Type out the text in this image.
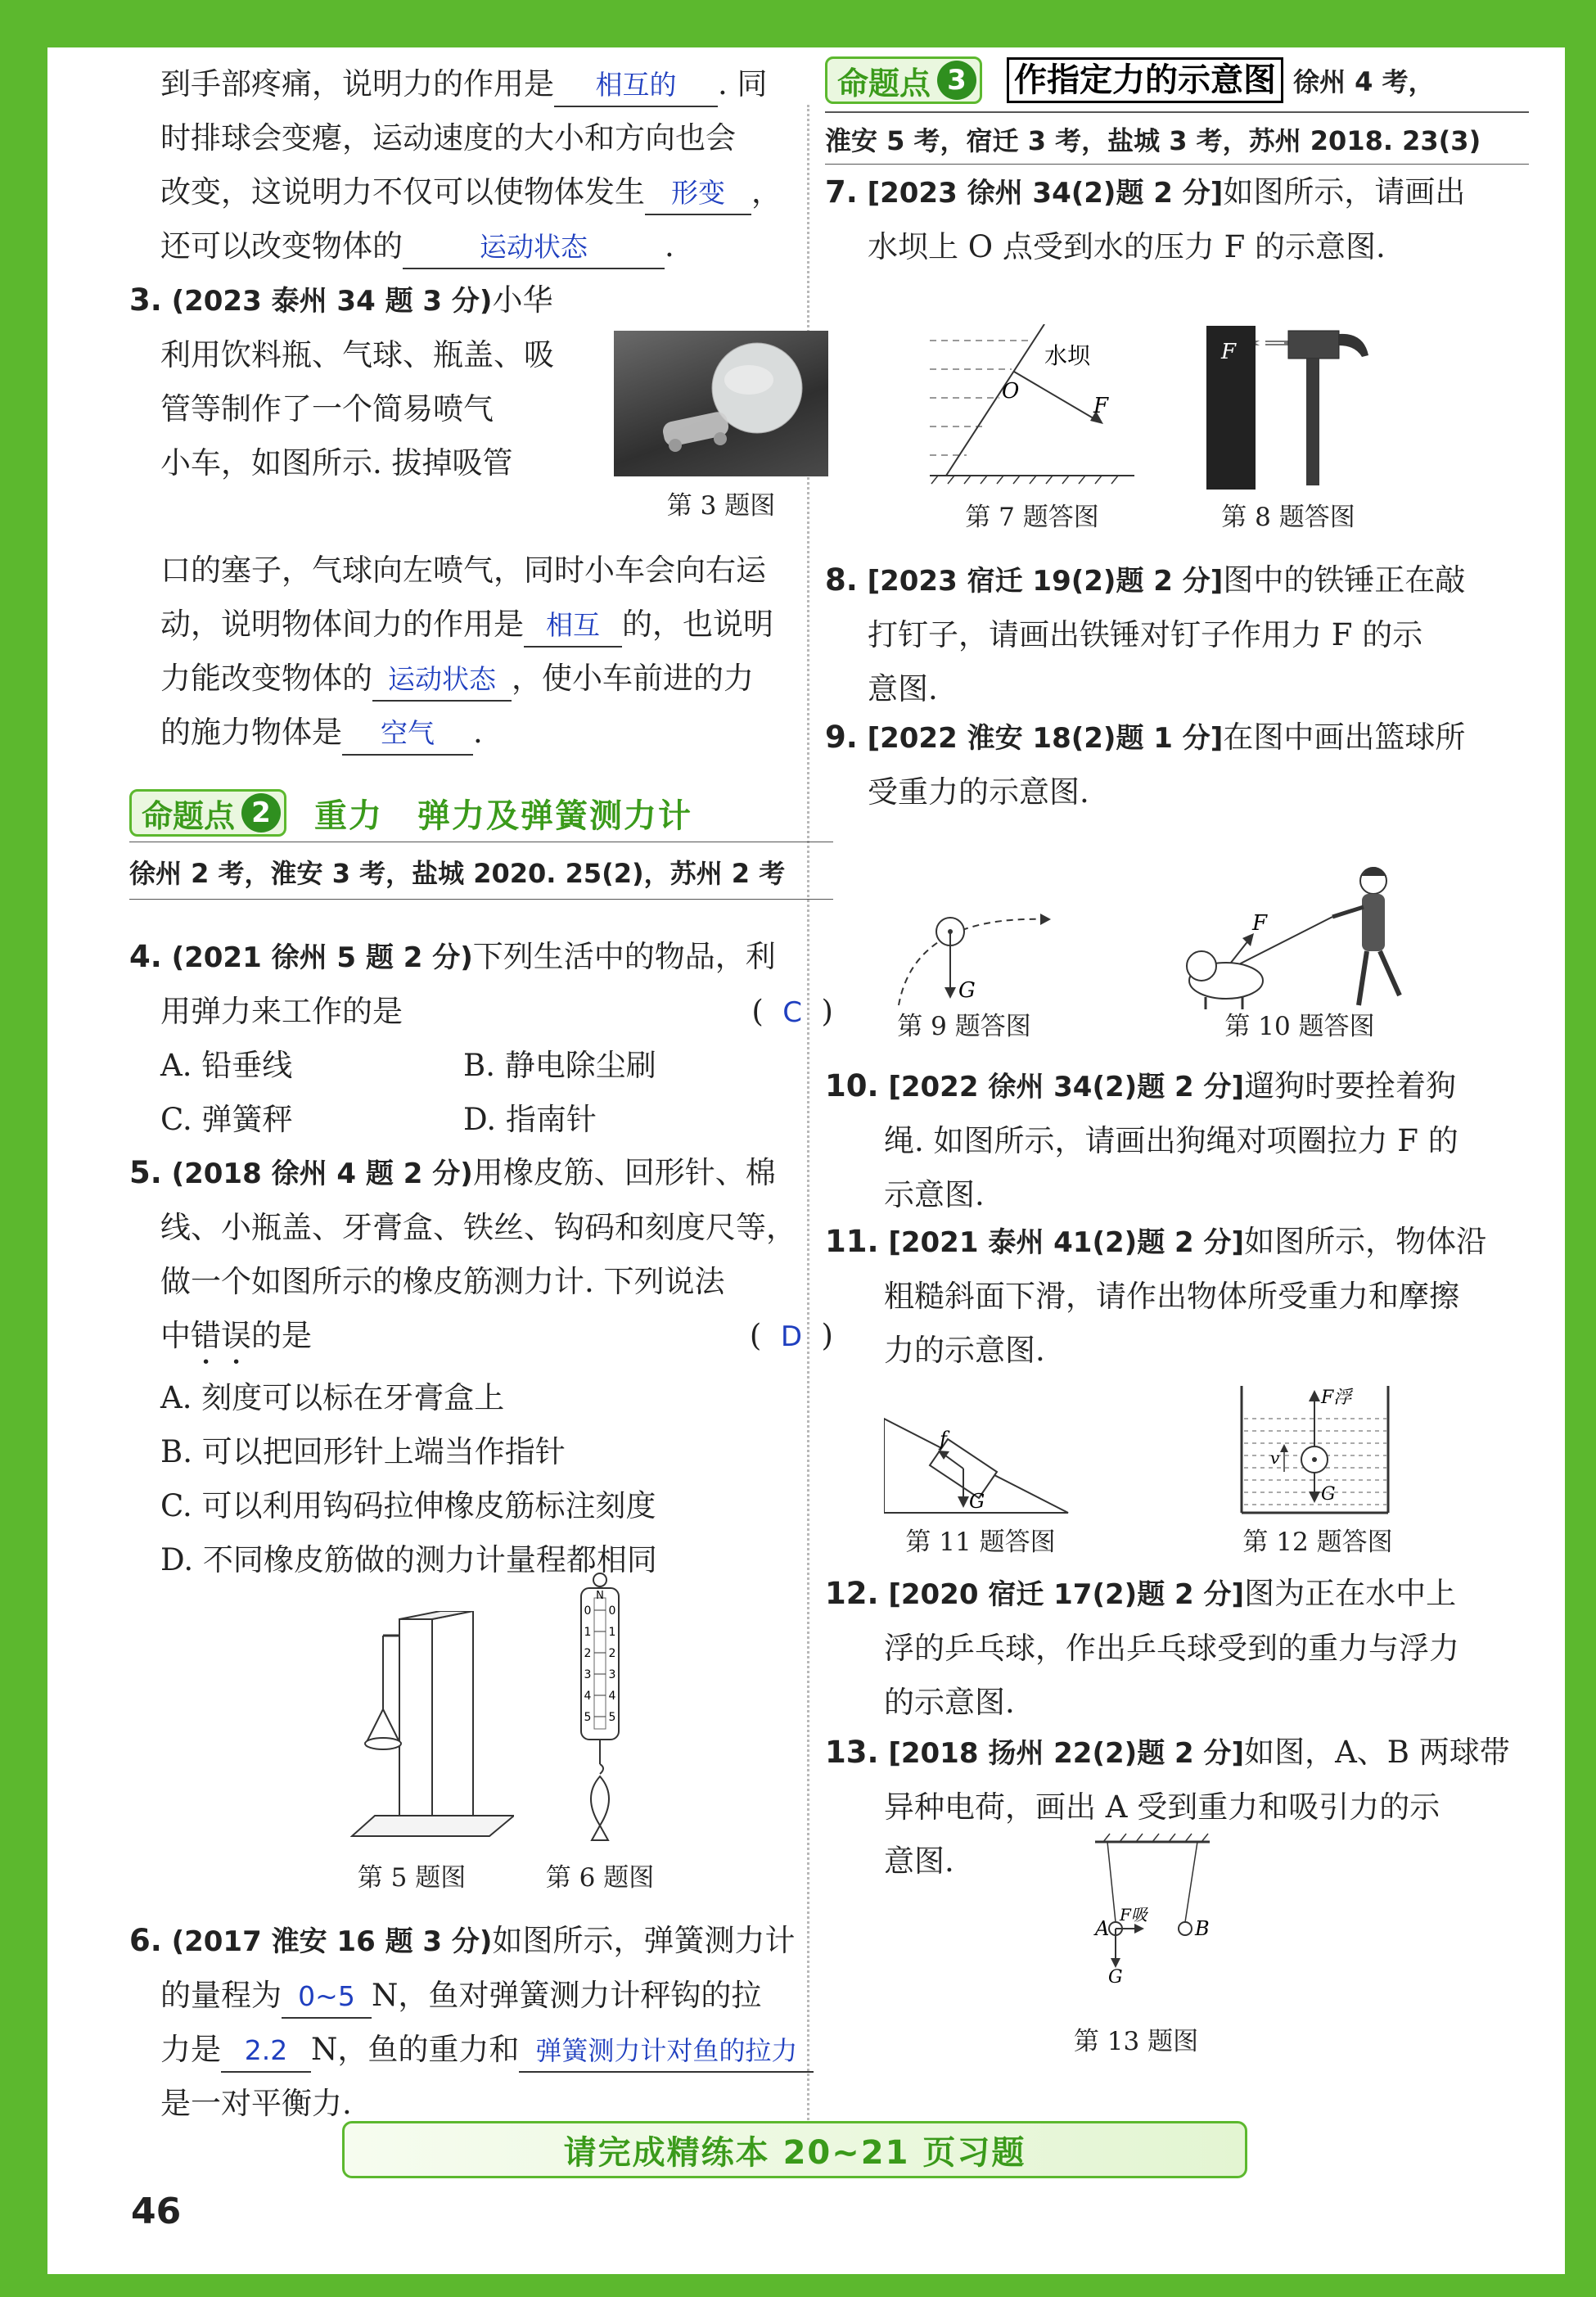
到手部疼痛，说明力的作用是 相互的 . 同
时排球会变瘪，运动速度的大小和方向也会
改变，这说明力不仅可以使物体发生 形变 ，
还可以改变物体的	运动状态	.
3. (2023 泰州 34 题 3 分)小华
利用饮料瓶、气球、瓶盖、吸
管等制作了一个简易喷气
小车，如图所示. 拔掉吸管
第 3 题图
口的塞子，气球向左喷气，同时小车会向右运
动，说明物体间力的作用是 相互 的，也说明
力能改变物体的 运动状态 ，使小车前进的力
的施力物体是 空气 .
命题点 2	重力　弹力及弹簧测力计
徐州 2 考，淮安 3 考，盐城 2020. 25(2)，苏州 2 考
4. (2021 徐州 5 题 2 分)下列生活中的物品，利
用弹力来工作的是	(  C  )
A. 铅垂线	B. 静电除尘刷
C. 弹簧秤	D. 指南针
5. (2018 徐州 4 题 2 分)用橡皮筋、回形针、棉
线、小瓶盖、牙膏盒、铁丝、钩码和刻度尺等，
做一个如图所示的橡皮筋测力计. 下列说法
中错误的是	(  D  )
A. 刻度可以标在牙膏盒上
B. 可以把回形针上端当作指针
C. 可以利用钩码拉伸橡皮筋标注刻度
D. 不同橡皮筋做的测力计量程都相同
第 5 题图
N
0 0
1 1
2 2
3 3
4 4
5 5
第 6 题图
6. (2017 淮安 16 题 3 分)如图所示，弹簧测力计
的量程为 0~5 N，鱼对弹簧测力计秤钩的拉
力是 2.2 N，鱼的重力和 弹簧测力计对鱼的拉力
是一对平衡力.
命题点 3	作指定力的示意图 徐州 4 考，
淮安 5 考，宿迁 3 考，盐城 3 考，苏州 2018. 23(3)
7. [2023 徐州 34(2)题 2 分]如图所示，请画出
水坝上 O 点受到水的压力 F 的示意图.
水坝
O
F
第 7 题答图
F
第 8 题答图
8. [2023 宿迁 19(2)题 2 分]图中的铁锤正在敲
打钉子，请画出铁锤对钉子作用力 F 的示
意图.
9. [2022 淮安 18(2)题 1 分]在图中画出篮球所
受重力的示意图.
G
第 9 题答图
F
第 10 题答图
10. [2022 徐州 34(2)题 2 分]遛狗时要拴着狗
绳. 如图所示，请画出狗绳对项圈拉力 F 的
示意图.
11. [2021 泰州 41(2)题 2 分]如图所示，物体沿
粗糙斜面下滑，请作出物体所受重力和摩擦
力的示意图.
f
G
第 11 题答图
v
F浮
G
第 12 题答图
12. [2020 宿迁 17(2)题 2 分]图为正在水中上
浮的乒乓球，作出乒乓球受到的重力与浮力
的示意图.
13. [2018 扬州 22(2)题 2 分]如图，A、B 两球带
异种电荷，画出 A 受到重力和吸引力的示
意图.
A	B
F吸
G
第 13 题图
请完成精练本 20~21 页习题
46
